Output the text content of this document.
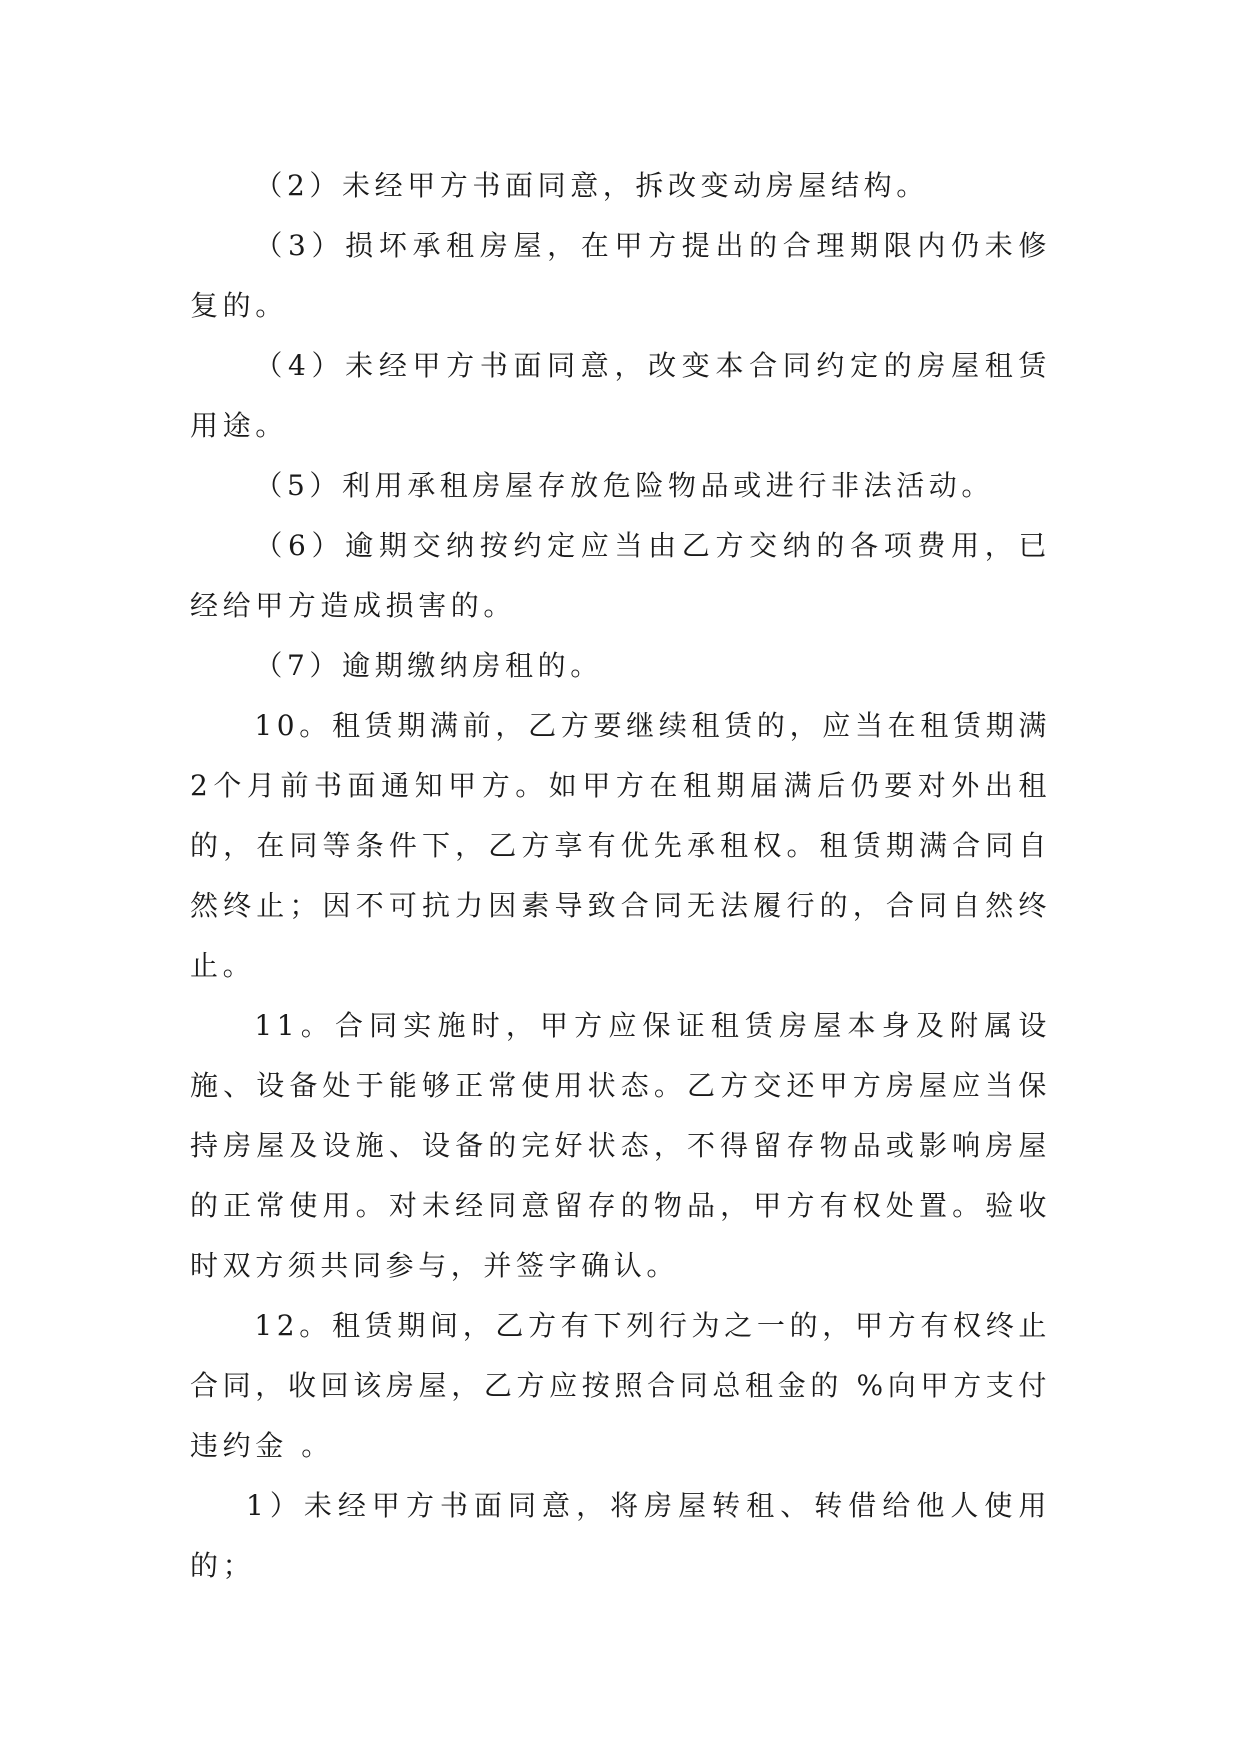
（2）未经甲方书面同意，拆改变动房屋结构。

（3）损坏承租房屋，在甲方提出的合理期限内仍未修复的。

（4）未经甲方书面同意，改变本合同约定的房屋租赁用途。

（5）利用承租房屋存放危险物品或进行非法活动。

（6）逾期交纳按约定应当由乙方交纳的各项费用，已经给甲方造成损害的。

（7）逾期缴纳房租的。

10。租赁期满前，乙方要继续租赁的，应当在租赁期满2个月前书面通知甲方。如甲方在租期届满后仍要对外出租的，在同等条件下，乙方享有优先承租权。租赁期满合同自然终止；因不可抗力因素导致合同无法履行的，合同自然终止。

11。合同实施时，甲方应保证租赁房屋本身及附属设施、设备处于能够正常使用状态。乙方交还甲方房屋应当保持房屋及设施、设备的完好状态，不得留存物品或影响房屋的正常使用。对未经同意留存的物品，甲方有权处置。验收时双方须共同参与，并签字确认。

12。租赁期间，乙方有下列行为之一的，甲方有权终止合同，收回该房屋，乙方应按照合同总租金的 %向甲方支付违约金 。

1）未经甲方书面同意，将房屋转租、转借给他人使用的；
